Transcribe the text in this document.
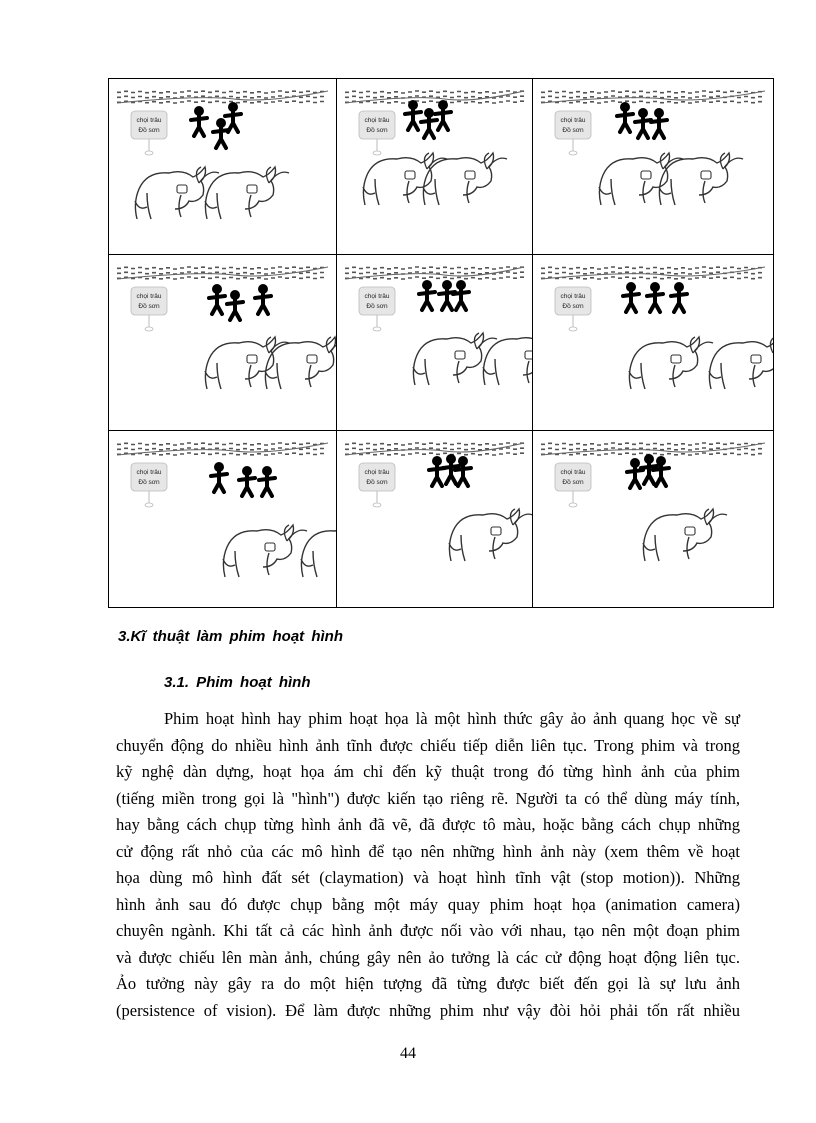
chọi trâu
Đồ sơn
chọi trâu
Đồ sơn
chọi trâu
Đồ sơn
chọi trâu
Đồ sơn
chọi trâu
Đồ sơn
chọi trâu
Đồ sơn
chọi trâu
Đồ sơn
chọi trâu
Đồ sơn
chọi trâu
Đồ sơn
3.Kĩ thuật làm phim hoạt hình
3.1. Phim hoạt hình

Phim hoạt hình hay phim hoạt họa là một hình thức gây ảo ảnh quang học về sự
chuyển động do nhiều hình ảnh tĩnh được chiếu tiếp diễn liên tục. Trong phim và trong
kỹ nghệ dàn dựng, hoạt họa ám chỉ đến kỹ thuật trong đó từng hình ảnh của phim
(tiếng miền trong gọi là "hình") được kiến tạo riêng rẽ. Người ta có thể dùng máy tính,
hay bằng cách chụp từng hình ảnh đã vẽ, đã được tô màu, hoặc bằng cách chụp những
cử động rất nhỏ của các mô hình để tạo nên những hình ảnh này (xem thêm về hoạt
họa dùng mô hình đất sét (claymation) và hoạt hình tĩnh vật (stop motion)). Những
hình ảnh sau đó được chụp bằng một máy quay phim hoạt họa (animation camera)
chuyên ngành. Khi tất cả các hình ảnh được nối vào với nhau, tạo nên một đoạn phim
và được chiếu lên màn ảnh, chúng gây nên ảo tưởng là các cử động hoạt động liên tục.
Ảo tưởng này gây ra do một hiện tượng đã từng được biết đến gọi là sự lưu ảnh
(persistence of vision). Để làm được những phim như vậy đòi hỏi phải tốn rất nhiều

44
